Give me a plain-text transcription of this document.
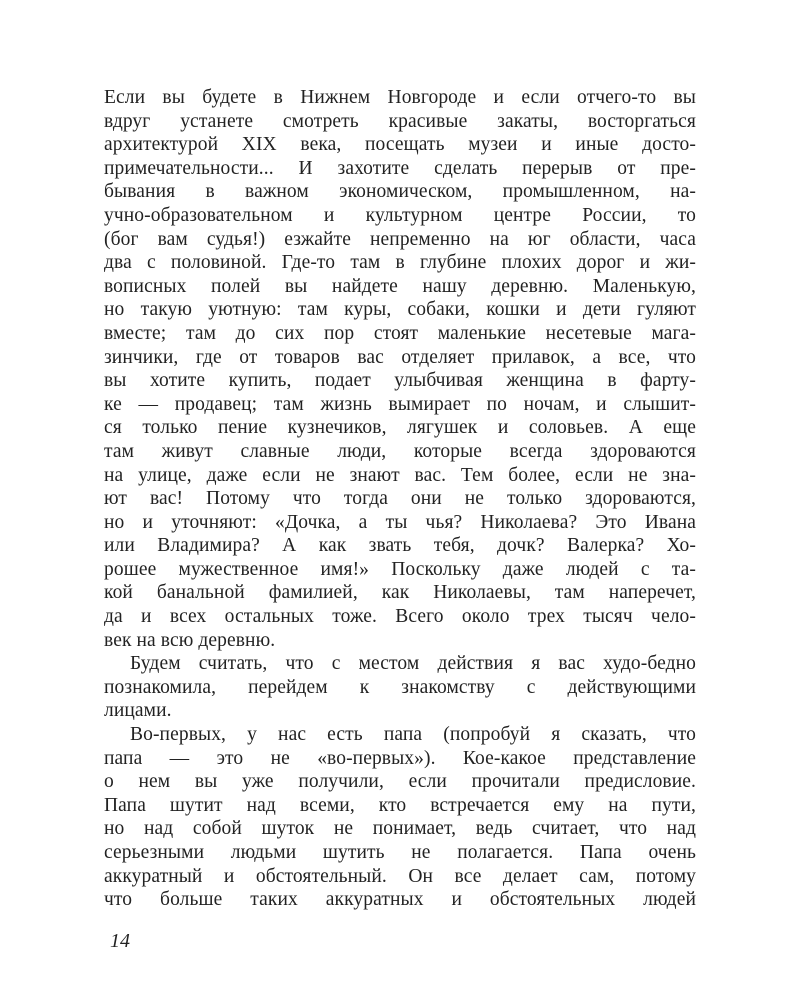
Если вы будете в Нижнем Новгороде и если отчего-то вы
вдруг устанете смотреть красивые закаты, восторгаться
архитектурой XIX века, посещать музеи и иные досто-
примечательности... И захотите сделать перерыв от пре-
бывания в важном экономическом, промышленном, на-
учно-образовательном и культурном центре России, то
(бог вам судья!) езжайте непременно на юг области, часа
два с половиной. Где-то там в глубине плохих дорог и жи-
вописных полей вы найдете нашу деревню. Маленькую,
но такую уютную: там куры, собаки, кошки и дети гуляют
вместе; там до сих пор стоят маленькие несетевые мага-
зинчики, где от товаров вас отделяет прилавок, а все, что
вы хотите купить, подает улыбчивая женщина в фарту-
ке — продавец; там жизнь вымирает по ночам, и слышит-
ся только пение кузнечиков, лягушек и соловьев. А еще
там живут славные люди, которые всегда здороваются
на улице, даже если не знают вас. Тем более, если не зна-
ют вас! Потому что тогда они не только здороваются,
но и уточняют: «Дочка, а ты чья? Николаева? Это Ивана
или Владимира? А как звать тебя, дочк? Валерка? Хо-
рошее мужественное имя!» Поскольку даже людей с та-
кой банальной фамилией, как Николаевы, там наперечет,
да и всех остальных тоже. Всего около трех тысяч чело-
век на всю деревню.
Будем считать, что с местом действия я вас худо-бедно
познакомила, перейдем к знакомству с действующими
лицами.
Во-первых, у нас есть папа (попробуй я сказать, что
папа — это не «во-первых»). Кое-какое представление
о нем вы уже получили, если прочитали предисловие.
Папа шутит над всеми, кто встречается ему на пути,
но над собой шуток не понимает, ведь считает, что над
серьезными людьми шутить не полагается. Папа очень
аккуратный и обстоятельный. Он все делает сам, потому
что больше таких аккуратных и обстоятельных людей
14
